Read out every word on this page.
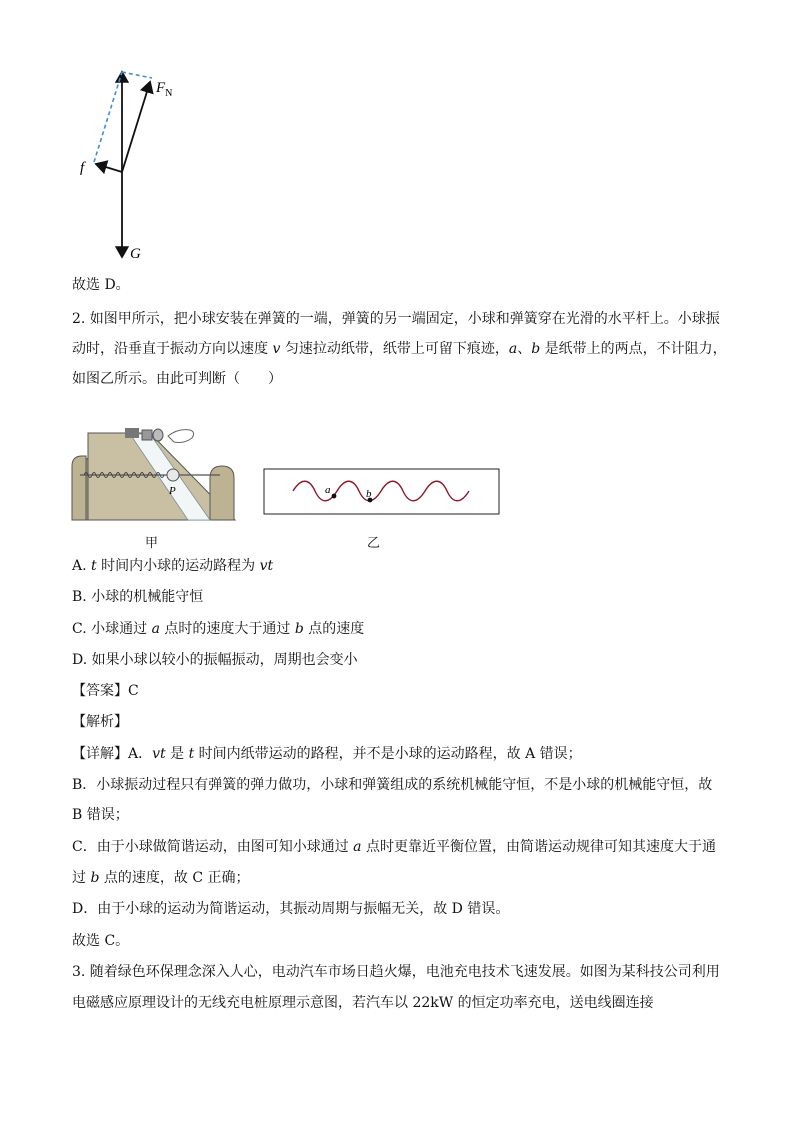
$F_N$
f
G
故选 D。
2. 如图甲所示，把小球安装在弹簧的一端，弹簧的另一端固定，小球和弹簧穿在光滑的水平杆上。小球振
动时，沿垂直于振动方向以速度 v 匀速拉动纸带，纸带上可留下痕迹，a、b 是纸带上的两点，不计阻力，
如图乙所示。由此可判断（　　）
P
甲
a	b
乙
A. t 时间内小球的运动路程为 vt
B. 小球的机械能守恒
C. 小球通过 a 点时的速度大于通过 b 点的速度
D. 如果小球以较小的振幅振动，周期也会变小
【答案】C
【解析】
【详解】A．vt 是 t 时间内纸带运动的路程，并不是小球的运动路程，故 A 错误；
B．小球振动过程只有弹簧的弹力做功，小球和弹簧组成的系统机械能守恒，不是小球的机械能守恒，故
B 错误；
C．由于小球做简谐运动，由图可知小球通过 a 点时更靠近平衡位置，由简谐运动规律可知其速度大于通
过 b 点的速度，故 C 正确；
D．由于小球的运动为简谐运动，其振动周期与振幅无关，故 D 错误。
故选 C。
3. 随着绿色环保理念深入人心，电动汽车市场日趋火爆，电池充电技术飞速发展。如图为某科技公司利用
电磁感应原理设计的无线充电桩原理示意图，若汽车以 22kW 的恒定功率充电，送电线圈连接
